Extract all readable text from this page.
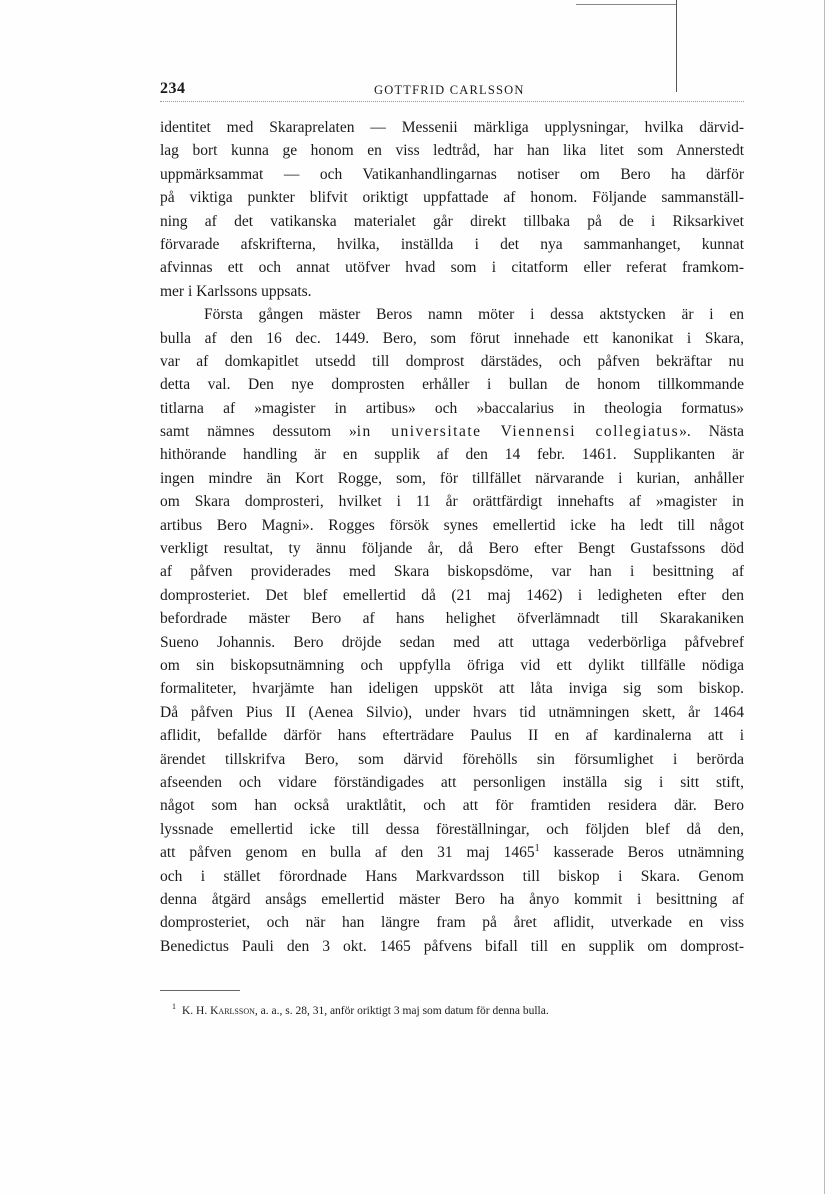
234	GOTTFRID CARLSSON
identitet med Skaraprelaten — Messenii märkliga upplysningar, hvilka därvid-
lag bort kunna ge honom en viss ledtråd, har han lika litet som Annerstedt
uppmärksammat — och Vatikanhandlingarnas notiser om Bero ha därför
på viktiga punkter blifvit oriktigt uppfattade af honom. Följande sammanställ-
ning af det vatikanska materialet går direkt tillbaka på de i Riksarkivet
förvarade afskrifterna, hvilka, inställda i det nya sammanhanget, kunnat
afvinnas ett och annat utöfver hvad som i citatform eller referat framkom-
mer i Karlssons uppsats.
Första gången mäster Beros namn möter i dessa aktstycken är i en
bulla af den 16 dec. 1449. Bero, som förut innehade ett kanonikat i Skara,
var af domkapitlet utsedd till domprost därstädes, och påfven bekräftar nu
detta val. Den nye domprosten erhåller i bullan de honom tillkommande
titlarna af »magister in artibus» och »baccalarius in theologia formatus»
samt nämnes dessutom »in universitate Viennensi collegiatus». Nästa
hithörande handling är en supplik af den 14 febr. 1461. Supplikanten är
ingen mindre än Kort Rogge, som, för tillfället närvarande i kurian, anhåller
om Skara domprosteri, hvilket i 11 år orättfärdigt innehafts af »magister in
artibus Bero Magni». Rogges försök synes emellertid icke ha ledt till något
verkligt resultat, ty ännu följande år, då Bero efter Bengt Gustafssons död
af påfven providerades med Skara biskopsdöme, var han i besittning af
domprosteriet. Det blef emellertid då (21 maj 1462) i ledigheten efter den
befordrade mäster Bero af hans helighet öfverlämnadt till Skarakaniken
Sueno Johannis. Bero dröjde sedan med att uttaga vederbörliga påfvebref
om sin biskopsutnämning och uppfylla öfriga vid ett dylikt tillfälle nödiga
formaliteter, hvarjämte han ideligen uppsköt att låta inviga sig som biskop.
Då påfven Pius II (Aenea Silvio), under hvars tid utnämningen skett, år 1464
aflidit, befallde därför hans efterträdare Paulus II en af kardinalerna att i
ärendet tillskrifva Bero, som därvid förehölls sin försumlighet i berörda
afseenden och vidare förständigades att personligen inställa sig i sitt stift,
något som han också uraktlåtit, och att för framtiden residera där. Bero
lyssnade emellertid icke till dessa föreställningar, och följden blef då den,
att påfven genom en bulla af den 31 maj 1465$^1$ kasserade Beros utnämning
och i stället förordnade Hans Markvardsson till biskop i Skara. Genom
denna åtgärd ansågs emellertid mäster Bero ha ånyo kommit i besittning af
domprosteriet, och när han längre fram på året aflidit, utverkade en viss
Benedictus Pauli den 3 okt. 1465 påfvens bifall till en supplik om domprost-
$^1$ K. H. Karlsson, a. a., s. 28, 31, anför oriktigt 3 maj som datum för denna bulla.
